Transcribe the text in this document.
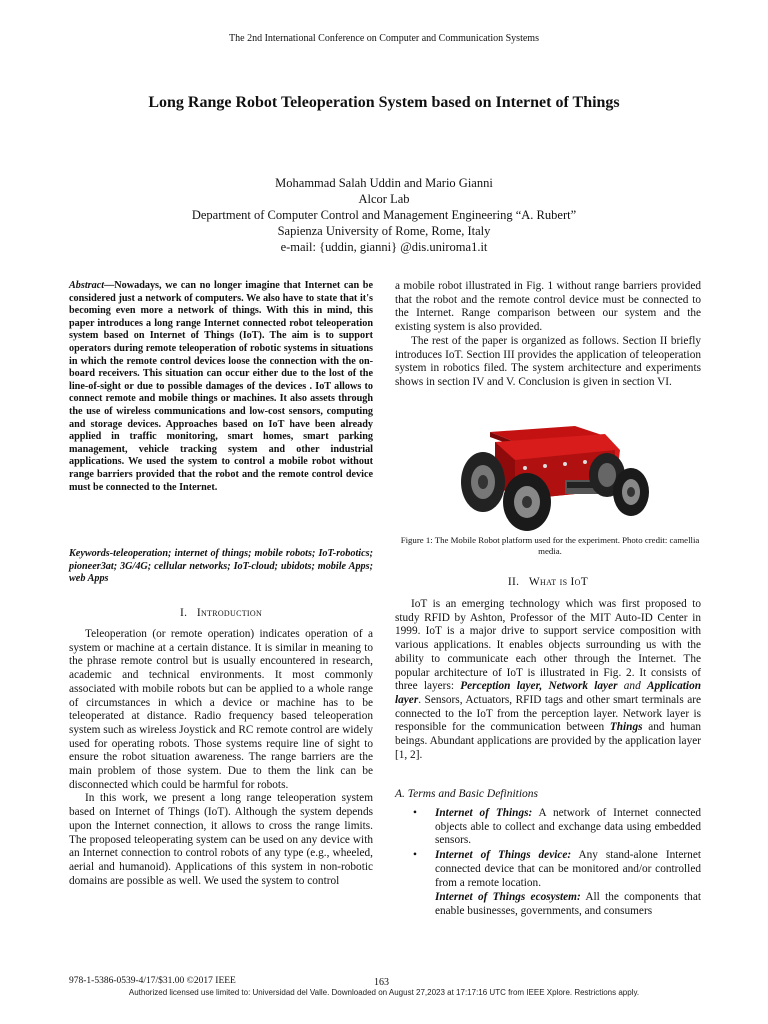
The 2nd International Conference on Computer and Communication Systems
Long Range Robot Teleoperation System based on Internet of Things
Mohammad Salah Uddin and Mario Gianni
Alcor Lab
Department of Computer Control and Management Engineering “A. Rubert”
Sapienza University of Rome, Rome, Italy
e-mail: {uddin, gianni} @dis.uniroma1.it
Abstract—Nowadays, we can no longer imagine that Internet can be considered just a network of computers. We also have to state that it's becoming even more a network of things. With this in mind, this paper introduces a long range Internet connected robot teleoperation system based on Internet of Things (IoT). The aim is to support operators during remote teleoperation of robotic systems in situations in which the remote control devices loose the connection with the on-board receivers. This situation can occur either due to the lost of the line-of-sight or due to possible damages of the devices . IoT allows to connect remote and mobile things or machines. It also assets through the use of wireless communications and low-cost sensors, computing and storage devices. Approaches based on IoT have been already applied in traffic monitoring, smart homes, smart parking management, vehicle tracking system and other industrial applications. We used the system to control a mobile robot without range barriers provided that the robot and the remote control device must be connected to the Internet.
Keywords-teleoperation; internet of things; mobile robots; IoT-robotics; pioneer3at; 3G/4G; cellular networks; IoT-cloud; ubidots; mobile Apps; web Apps
I. Introduction

Teleoperation (or remote operation) indicates operation of a system or machine at a certain distance. It is similar in meaning to the phrase remote control but is usually encountered in research, academic and technical environments. It most commonly associated with mobile robots but can be applied to a whole range of circumstances in which a device or machine has to be teleoperated at distance. Radio frequency based teleoperation system such as wireless Joystick and RC remote control are widely used for operating robots. Those systems require line of sight to ensure the robot situation awareness. The range barriers are the main problem of those system. Due to them the link can be disconnected which could be harmful for robots.

In this work, we present a long range teleoperation system based on Internet of Things (IoT). Although the system depends upon the Internet connection, it allows to cross the range limits. The proposed teleoperating system can be used on any device with an Internet connection to control robots of any type (e.g., wheeled, aerial and humanoid). Applications of this system in non-robotic domains are possible as well. We used the system to control

a mobile robot illustrated in Fig. 1 without range barriers provided that the robot and the remote control device must be connected to the Internet. Range comparison between our system and the existing system is also provided.

The rest of the paper is organized as follows. Section II briefly introduces IoT. Section III provides the application of teleoperation system in robotics filed. The system architecture and experiments shows in section IV and V. Conclusion is given in section VI.

Figure 1: The Mobile Robot platform used for the experiment. Photo credit: camellia media.
II. What is IoT

IoT is an emerging technology which was first proposed to study RFID by Ashton, Professor of the MIT Auto-ID Center in 1999. IoT is a major drive to support service composition with various applications. It enables objects surrounding us with the ability to communicate each other through the Internet. The popular architecture of IoT is illustrated in Fig. 2. It consists of three layers: Perception layer, Network layer and Application layer. Sensors, Actuators, RFID tags and other smart terminals are connected to the IoT from the perception layer. Network layer is responsible for the communication between Things and human beings. Abundant applications are provided by the application layer [1, 2].

A. Terms and Basic Definitions
• Internet of Things: A network of Internet connected objects able to collect and exchange data using embedded sensors.
• Internet of Things device: Any stand-alone Internet connected device that can be monitored and/or controlled from a remote location.
Internet of Things ecosystem: All the components that enable businesses, governments, and consumers
978-1-5386-0539-4/17/$31.00 ©2017 IEEE	163
Authorized licensed use limited to: Universidad del Valle. Downloaded on August 27,2023 at 17:17:16 UTC from IEEE Xplore. Restrictions apply.
